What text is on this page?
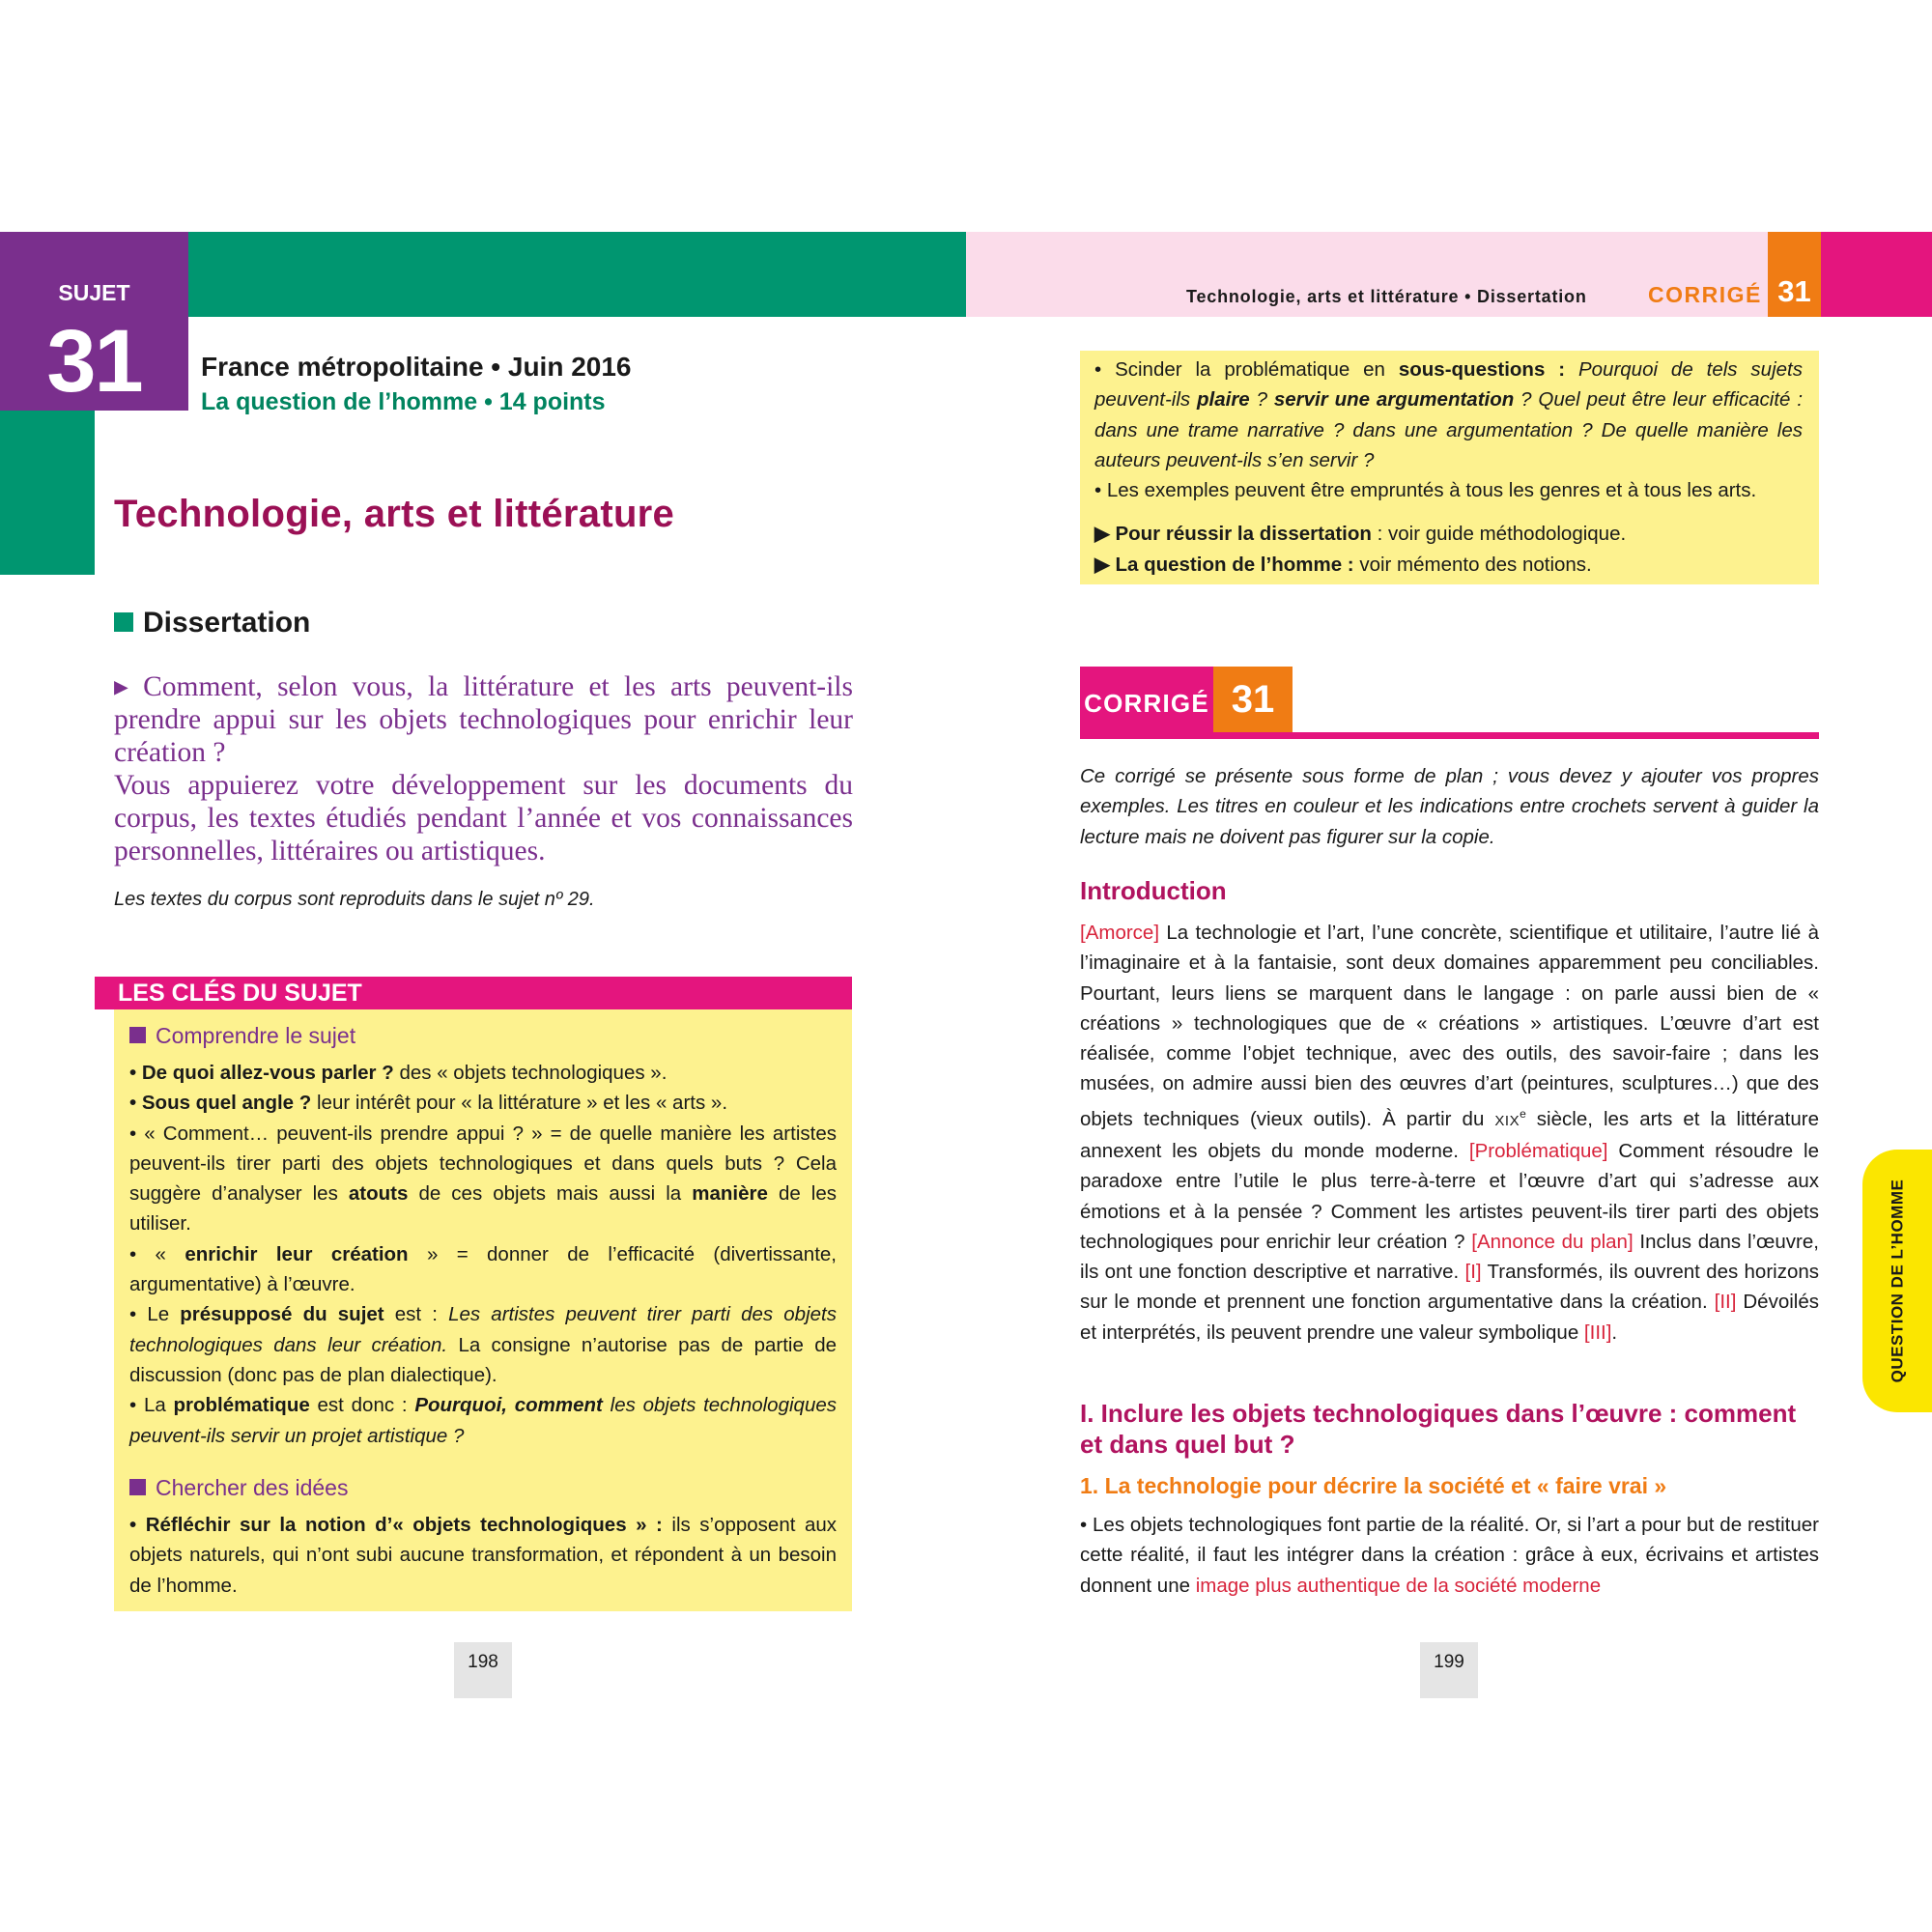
SUJET
31	France métropolitaine • Juin 2016
La question de l’homme • 14 points
Technologie, arts et littérature
Dissertation
▸ Comment, selon vous, la littérature et les arts peuvent-ils prendre appui sur les objets technologiques pour enrichir leur création ?
Vous appuierez votre développement sur les documents du corpus, les textes étudiés pendant l’année et vos connaissances personnelles, littéraires ou artistiques.
Les textes du corpus sont reproduits dans le sujet nº 29.
LES CLÉS DU SUJET
Comprendre le sujet
• De quoi allez-vous parler ? des « objets technologiques ».
• Sous quel angle ? leur intérêt pour « la littérature » et les « arts ».
• « Comment… peuvent-ils prendre appui ? » = de quelle manière les artistes peuvent-ils tirer parti des objets technologiques et dans quels buts ? Cela suggère d’analyser les atouts de ces objets mais aussi la manière de les utiliser.
• « enrichir leur création » = donner de l’efficacité (divertissante, argumentative) à l’œuvre.
• Le présupposé du sujet est : Les artistes peuvent tirer parti des objets technologiques dans leur création. La consigne n’autorise pas de partie de discussion (donc pas de plan dialectique).
• La problématique est donc : Pourquoi, comment les objets technologiques peuvent-ils servir un projet artistique ?
Chercher des idées
• Réfléchir sur la notion d’« objets technologiques » : ils s’opposent aux objets naturels, qui n’ont subi aucune transformation, et répondent à un besoin de l’homme.
198
31
Technologie, arts et littérature • Dissertation	CORRIGÉ
• Scinder la problématique en sous-questions : Pourquoi de tels sujets peuvent-ils plaire ? servir une argumentation ? Quel peut être leur efficacité : dans une trame narrative ? dans une argumentation ? De quelle manière les auteurs peuvent-ils s’en servir ?
• Les exemples peuvent être empruntés à tous les genres et à tous les arts.
▶ Pour réussir la dissertation : voir guide méthodologique.
▶ La question de l’homme : voir mémento des notions.
CORRIGÉ 31
Ce corrigé se présente sous forme de plan ; vous devez y ajouter vos propres exemples. Les titres en couleur et les indications entre crochets servent à guider la lecture mais ne doivent pas figurer sur la copie.
Introduction
[Amorce] La technologie et l’art, l’une concrète, scientifique et utilitaire, l’autre lié à l’imaginaire et à la fantaisie, sont deux domaines apparemment peu conciliables. Pourtant, leurs liens se marquent dans le langage : on parle aussi bien de « créations » technologiques que de « créations » artistiques. L’œuvre d’art est réalisée, comme l’objet technique, avec des outils, des savoir-faire ; dans les musées, on admire aussi bien des œuvres d’art (peintures, sculptures…) que des objets techniques (vieux outils). À partir du XIXe siècle, les arts et la littérature annexent les objets du monde moderne. [Problématique] Comment résoudre le paradoxe entre l’utile le plus terre-à-terre et l’œuvre d’art qui s’adresse aux émotions et à la pensée ? Comment les artistes peuvent-ils tirer parti des objets technologiques pour enrichir leur création ? [Annonce du plan] Inclus dans l’œuvre, ils ont une fonction descriptive et narrative. [I] Transformés, ils ouvrent des horizons sur le monde et prennent une fonction argumentative dans la création. [II] Dévoilés et interprétés, ils peuvent prendre une valeur symbolique [III].
I. Inclure les objets technologiques dans l’œuvre : comment et dans quel but ?
1. La technologie pour décrire la société et « faire vrai »
• Les objets technologiques font partie de la réalité. Or, si l’art a pour but de restituer cette réalité, il faut les intégrer dans la création : grâce à eux, écrivains et artistes donnent une image plus authentique de la société moderne
QUESTION DE L’HOMME
199
